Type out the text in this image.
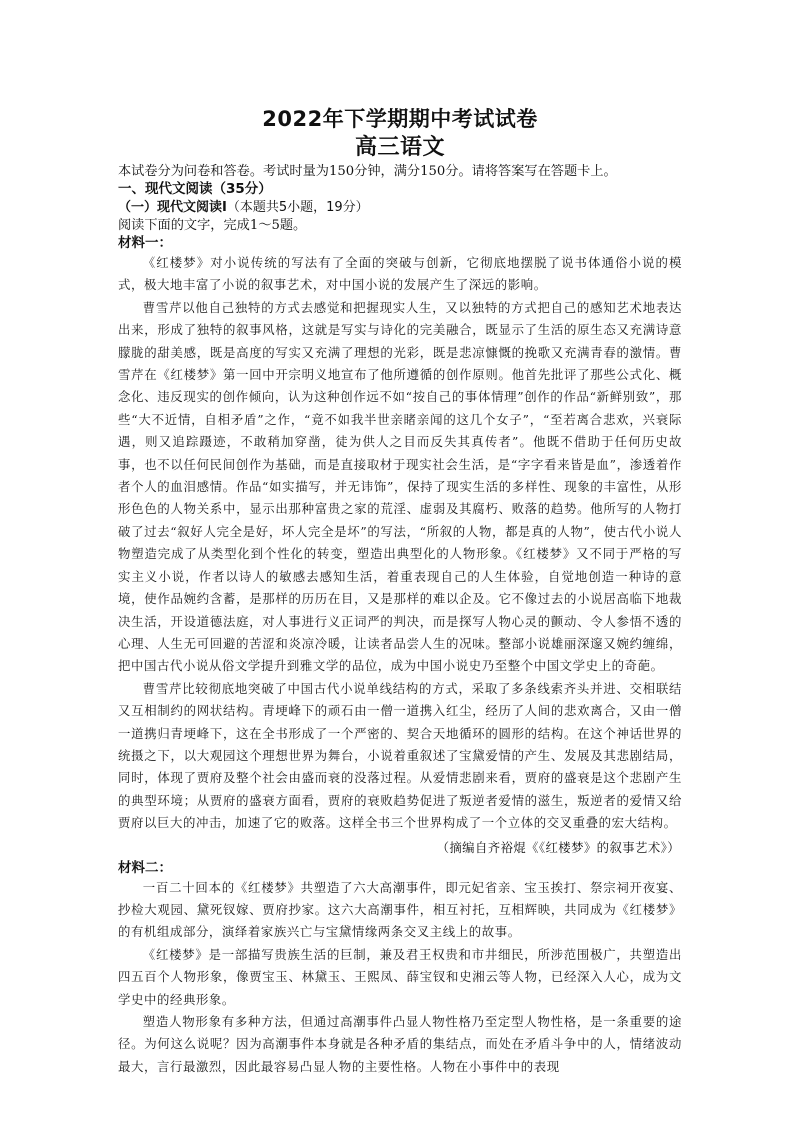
2022年下学期期中考试试卷
高三语文
本试卷分为问卷和答卷。考试时量为150分钟，满分150分。请将答案写在答题卡上。
一、现代文阅读（35分）
（一）现代文阅读Ⅰ（本题共5小题，19分）
阅读下面的文字，完成1～5题。
材料一：

《红楼梦》对小说传统的写法有了全面的突破与创新，它彻底地摆脱了说书体通俗小说的模式，极大地丰富了小说的叙事艺术，对中国小说的发展产生了深远的影响。

曹雪芹以他自己独特的方式去感觉和把握现实人生，又以独特的方式把自己的感知艺术地表达出来，形成了独特的叙事风格，这就是写实与诗化的完美融合，既显示了生活的原生态又充满诗意朦胧的甜美感，既是高度的写实又充满了理想的光彩，既是悲凉慷慨的挽歌又充满青春的激情。曹雪芹在《红楼梦》第一回中开宗明义地宣布了他所遵循的创作原则。他首先批评了那些公式化、概念化、违反现实的创作倾向，认为这种创作远不如“按自己的事体情理”创作的作品“新鲜别致”，那些“大不近情，自相矛盾”之作，“竟不如我半世亲睹亲闻的这几个女子”，“至若离合悲欢，兴衰际遇，则又追踪蹑迹，不敢稍加穿凿，徒为供人之目而反失其真传者”。他既不借助于任何历史故事，也不以任何民间创作为基础，而是直接取材于现实社会生活，是“字字看来皆是血”，渗透着作者个人的血泪感情。作品“如实描写，并无讳饰”，保持了现实生活的多样性、现象的丰富性，从形形色色的人物关系中，显示出那种富贵之家的荒淫、虚弱及其腐朽、败落的趋势。他所写的人物打破了过去“叙好人完全是好，坏人完全是坏”的写法，“所叙的人物，都是真的人物”，使古代小说人物塑造完成了从类型化到个性化的转变，塑造出典型化的人物形象。《红楼梦》又不同于严格的写实主义小说，作者以诗人的敏感去感知生活，着重表现自己的人生体验，自觉地创造一种诗的意境，使作品婉约含蓄，是那样的历历在目，又是那样的难以企及。它不像过去的小说居高临下地裁决生活，开设道德法庭，对人事进行义正词严的判决，而是探写人物心灵的颤动、令人参悟不透的心理、人生无可回避的苦涩和炎凉冷暖，让读者品尝人生的况味。整部小说雄丽深邃又婉约缠绵，把中国古代小说从俗文学提升到雅文学的品位，成为中国小说史乃至整个中国文学史上的奇葩。

曹雪芹比较彻底地突破了中国古代小说单线结构的方式，采取了多条线索齐头并进、交相联结又互相制约的网状结构。青埂峰下的顽石由一僧一道携入红尘，经历了人间的悲欢离合，又由一僧一道携归青埂峰下，这在全书形成了一个严密的、契合天地循环的圆形的结构。在这个神话世界的统摄之下，以大观园这个理想世界为舞台，小说着重叙述了宝黛爱情的产生、发展及其悲剧结局，同时，体现了贾府及整个社会由盛而衰的没落过程。从爱情悲剧来看，贾府的盛衰是这个悲剧产生的典型环境；从贾府的盛衰方面看，贾府的衰败趋势促进了叛逆者爱情的滋生，叛逆者的爱情又给贾府以巨大的冲击，加速了它的败落。这样全书三个世界构成了一个立体的交叉重叠的宏大结构。

（摘编自齐裕焜《《红楼梦》的叙事艺术》）
材料二：

一百二十回本的《红楼梦》共塑造了六大高潮事件，即元妃省亲、宝玉挨打、祭宗祠开夜宴、抄检大观园、黛死钗嫁、贾府抄家。这六大高潮事件，相互衬托，互相辉映，共同成为《红楼梦》的有机组成部分，演绎着家族兴亡与宝黛情缘两条交叉主线上的故事。

《红楼梦》是一部描写贵族生活的巨制，兼及君王权贵和市井细民，所涉范围极广，共塑造出四五百个人物形象，像贾宝玉、林黛玉、王熙凤、薛宝钗和史湘云等人物，已经深入人心，成为文学史中的经典形象。

塑造人物形象有多种方法，但通过高潮事件凸显人物性格乃至定型人物性格，是一条重要的途径。为何这么说呢？因为高潮事件本身就是各种矛盾的集结点，而处在矛盾斗争中的人，情绪波动最大，言行最激烈，因此最容易凸显人物的主要性格。人物在小事件中的表现
